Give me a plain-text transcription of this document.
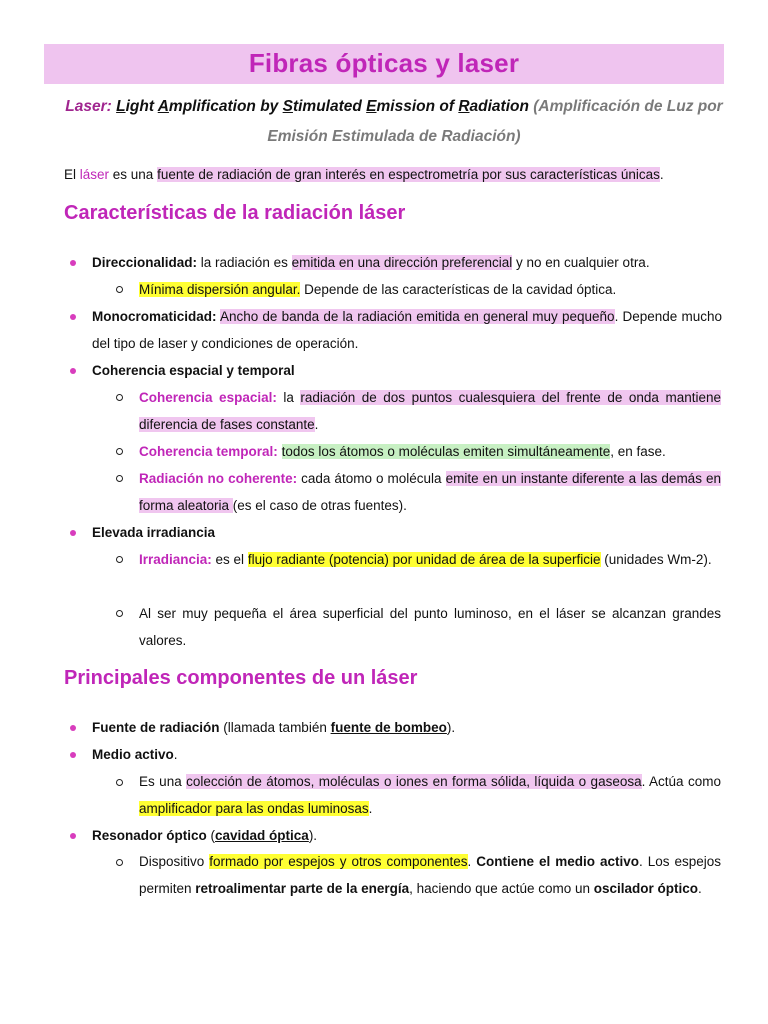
Fibras ópticas y laser
Laser: Light Amplification by Stimulated Emission of Radiation (Amplificación de Luz por Emisión Estimulada de Radiación)
El láser es una fuente de radiación de gran interés en espectrometría por sus características únicas.
Características de la radiación láser
Direccionalidad: la radiación es emitida en una dirección preferencial y no en cualquier otra.
Mínima dispersión angular. Depende de las características de la cavidad óptica.
Monocromaticidad: Ancho de banda de la radiación emitida en general muy pequeño. Depende mucho del tipo de laser y condiciones de operación.
Coherencia espacial y temporal
Coherencia espacial: la radiación de dos puntos cualesquiera del frente de onda mantiene diferencia de fases constante.
Coherencia temporal: todos los átomos o moléculas emiten simultáneamente, en fase.
Radiación no coherente: cada átomo o molécula emite en un instante diferente a las demás en forma aleatoria (es el caso de otras fuentes).
Elevada irradiancia
Irradiancia: es el flujo radiante (potencia) por unidad de área de la superficie (unidades Wm-2).
Al ser muy pequeña el área superficial del punto luminoso, en el láser se alcanzan grandes valores.
Principales componentes de un láser
Fuente de radiación (llamada también fuente de bombeo).
Medio activo.
Es una colección de átomos, moléculas o iones en forma sólida, líquida o gaseosa. Actúa como amplificador para las ondas luminosas.
Resonador óptico (cavidad óptica).
Dispositivo formado por espejos y otros componentes. Contiene el medio activo. Los espejos permiten retroalimentar parte de la energía, haciendo que actúe como un oscilador óptico.
